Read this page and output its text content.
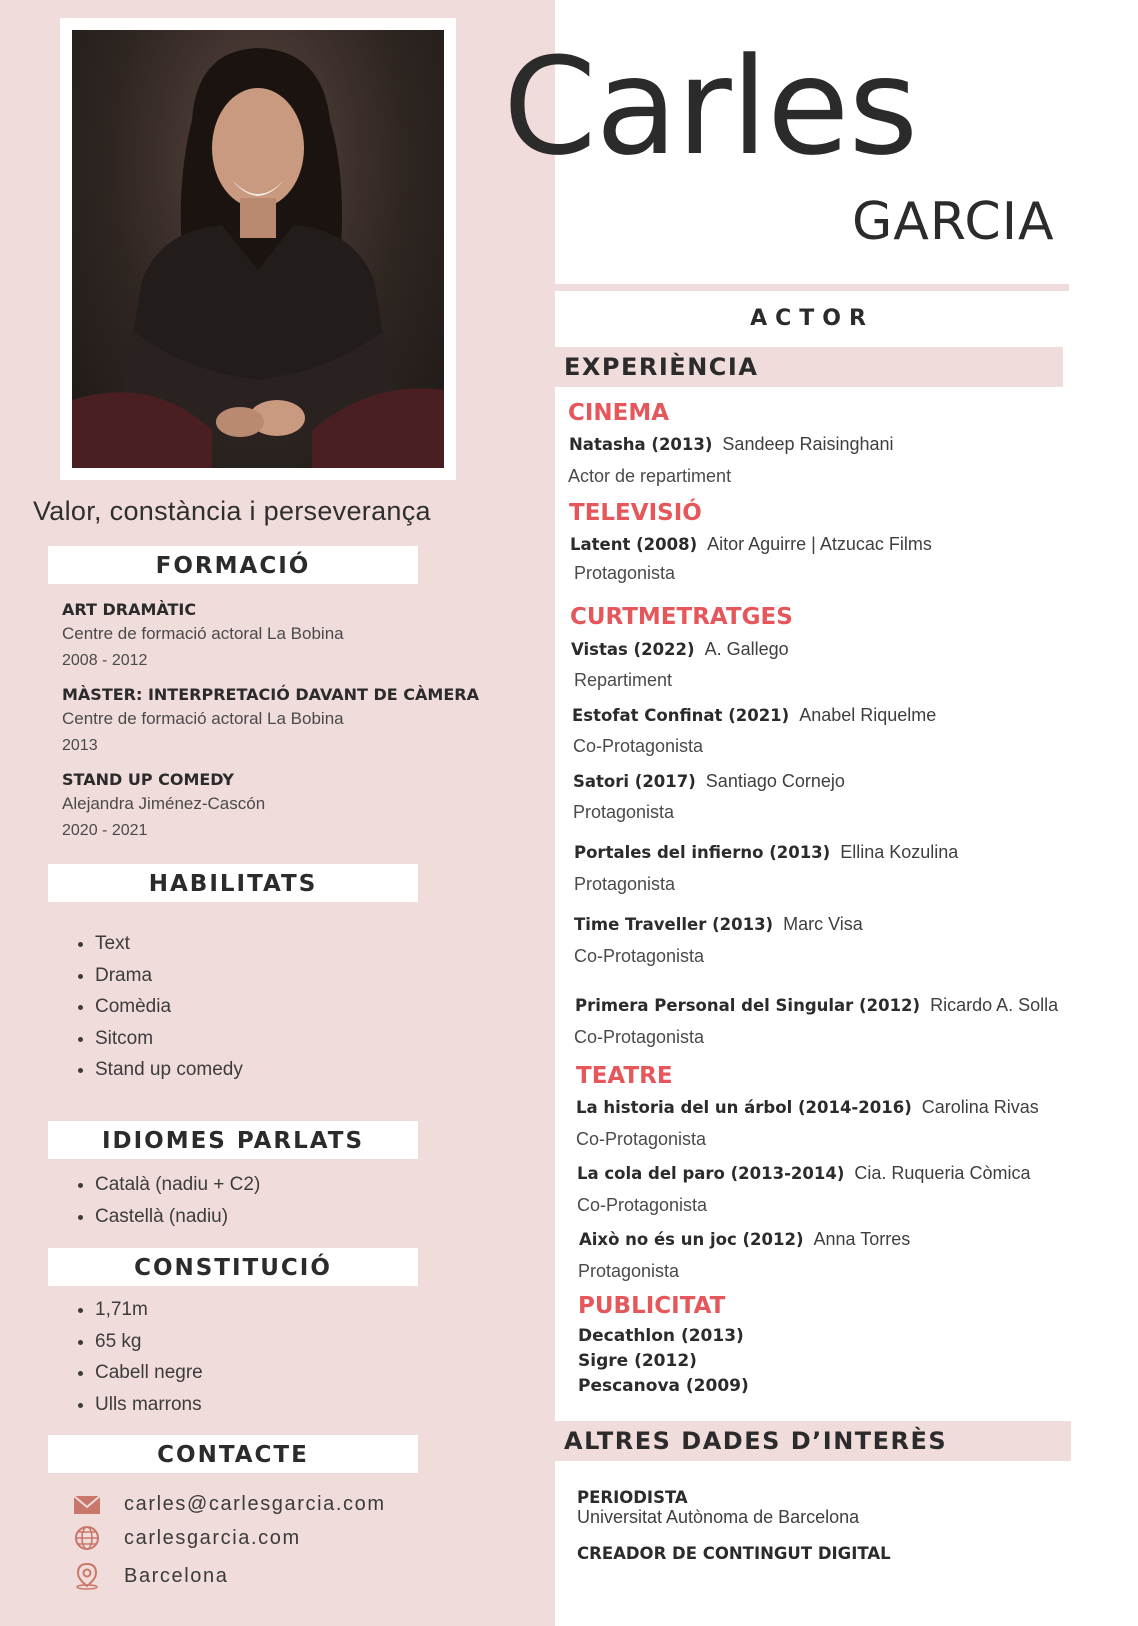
Valor, constància i perseverança
FORMACIÓ
ART DRAMÀTIC
Centre de formació actoral La Bobina
2008 - 2012
MÀSTER: INTERPRETACIÓ DAVANT DE CÀMERA
Centre de formació actoral La Bobina
2013
STAND UP COMEDY
Alejandra Jiménez-Cascón
2020 - 2021
HABILITATS
• Text
• Drama
• Comèdia
• Sitcom
• Stand up comedy
IDIOMES PARLATS
• Català (nadiu + C2)
• Castellà (nadiu)
CONSTITUCIÓ
• 1,71m
• 65 kg
• Cabell negre
• Ulls marrons
CONTACTE
carles@carlesgarcia.com
carlesgarcia.com
Barcelona
Carles
GARCIA
ACTOR
EXPERIÈNCIA
CINEMA
Natasha (2013) Sandeep Raisinghani
Actor de repartiment
TELEVISIÓ
Latent (2008) Aitor Aguirre | Atzucac Films
Protagonista
CURTMETRATGES
Vistas (2022) A. Gallego
Repartiment
Estofat Confinat (2021) Anabel Riquelme
Co-Protagonista
Satori (2017) Santiago Cornejo
Protagonista
Portales del infierno (2013) Ellina Kozulina
Protagonista
Time Traveller (2013) Marc Visa
Co-Protagonista
Primera Personal del Singular (2012) Ricardo A. Solla
Co-Protagonista
TEATRE
La historia del un árbol (2014-2016) Carolina Rivas
Co-Protagonista
La cola del paro (2013-2014) Cia. Ruqueria Còmica
Co-Protagonista
Això no és un joc (2012) Anna Torres
Protagonista
PUBLICITAT
Decathlon (2013)
Sigre (2012)
Pescanova (2009)
ALTRES DADES D’INTERÈS
PERIODISTA
Universitat Autònoma de Barcelona
CREADOR DE CONTINGUT DIGITAL
